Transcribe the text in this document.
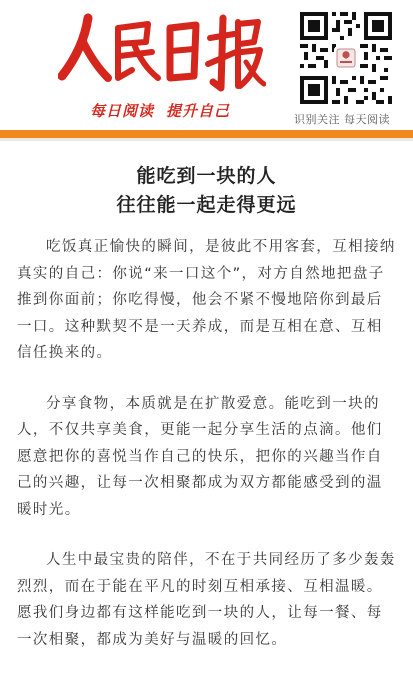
每日阅读 提升自己	识别关注 每天阅读
能吃到一块的人
往往能一起走得更远

吃饭真正愉快的瞬间，是彼此不用客套，互相接纳真实的自己：你说“来一口这个”，对方自然地把盘子推到你面前；你吃得慢，他会不紧不慢地陪你到最后一口。这种默契不是一天养成，而是互相在意、互相信任换来的。

分享食物，本质就是在扩散爱意。能吃到一块的人，不仅共享美食，更能一起分享生活的点滴。他们愿意把你的喜悦当作自己的快乐，把你的兴趣当作自己的兴趣，让每一次相聚都成为双方都能感受到的温暖时光。

人生中最宝贵的陪伴，不在于共同经历了多少轰轰烈烈，而在于能在平凡的时刻互相承接、互相温暖。愿我们身边都有这样能吃到一块的人，让每一餐、每一次相聚，都成为美好与温暖的回忆。
